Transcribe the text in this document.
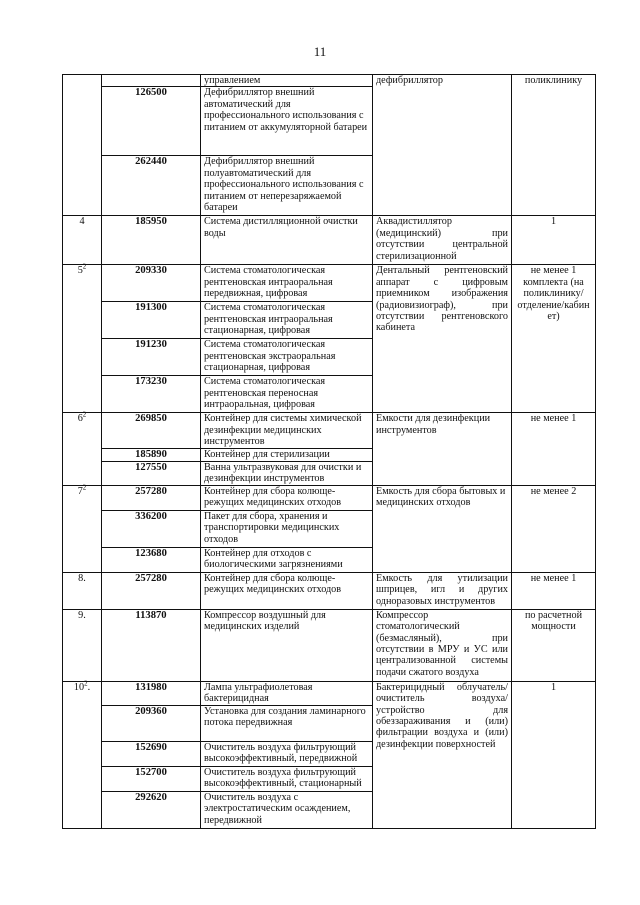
11
		управлением	дефибриллятор	поликлинику
	126500	Дефибриллятор внешний автоматический для профессионального использования с питанием от аккумуляторной батареи		
	262440	Дефибриллятор внешний полуавтоматический для профессионального использования с питанием от неперезаряжаемой батареи		
4	185950	Система дистилляционной очистки воды	Аквадистиллятор (медицинский) при отсутствии центральной стерилизационной	1
$5^2$	209330	Система стоматологическая рентгеновская интраоральная передвижная, цифровая	Дентальный рентгеновский аппарат с цифровым приемником изображения (радиовизиограф), при отсутствии рентгеновского кабинета	не менее 1 комплекта (на поликлинику/ отделение/кабин ет)
	191300	Система стоматологическая рентгеновская интраоральная стационарная, цифровая		
	191230	Система стоматологическая рентгеновская экстраоральная стационарная, цифровая		
	173230	Система стоматологическая рентгеновская переносная интраоральная, цифровая		
$6^2$	269850	Контейнер для системы химической дезинфекции медицинских инструментов	Емкости для дезинфекции инструментов	не менее 1
	185890	Контейнер для стерилизации		
	127550	Ванна ультразвуковая для очистки и дезинфекции инструментов		
$7^2$	257280	Контейнер для сбора колюще-режущих медицинских отходов	Емкость для сбора бытовых и медицинских отходов	не менее 2
	336200	Пакет для сбора, хранения и транспортировки медицинских отходов		
	123680	Контейнер для отходов с биологическими загрязнениями		
8.	257280	Контейнер для сбора колюще-режущих медицинских отходов	Емкость для утилизации шприцев, игл и других одноразовых инструментов	не менее 1
9.	113870	Компрессор воздушный для медицинских изделий	Компрессор стоматологический (безмасляный), при отсутствии в МРУ и УС или централизованной системы подачи сжатого воздуха	по расчетной мощности
$10^2$.	131980	Лампа ультрафиолетовая бактерицидная	Бактерицидный облучатель/очиститель воздуха/устройство для обеззараживания и (или) фильтрации воздуха и (или) дезинфекции поверхностей	1
	209360	Установка для создания ламинарного потока передвижная		
	152690	Очиститель воздуха фильтрующий высокоэффективный, передвижной		
	152700	Очиститель воздуха фильтрующий высокоэффективный, стационарный		
	292620	Очиститель воздуха с электростатическим осаждением, передвижной		
